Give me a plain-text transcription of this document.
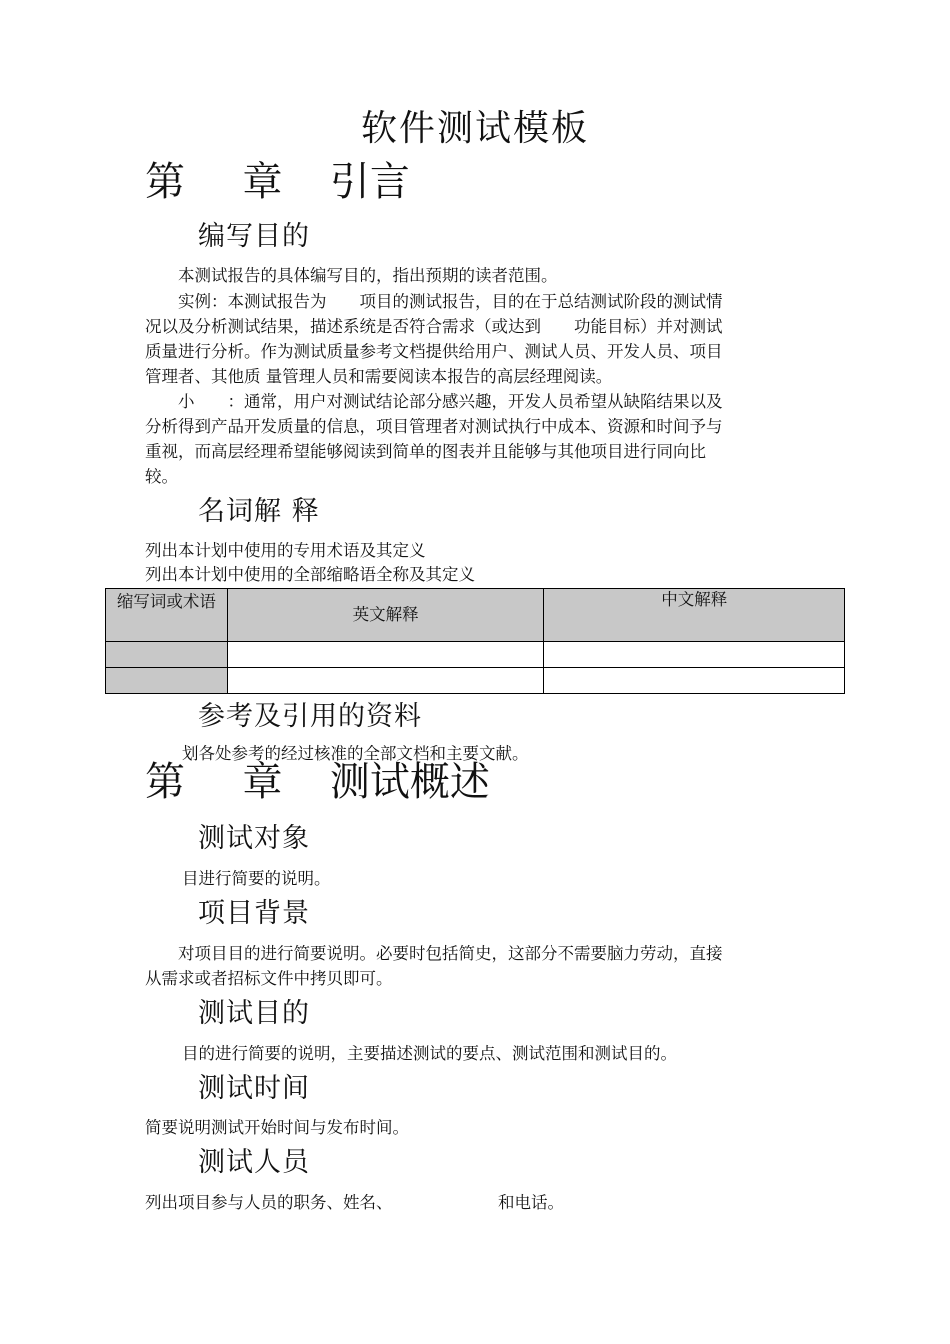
软件测试模板
第 章 引言
编写目的
本测试报告的具体编写目的，指出预期的读者范围。
实例：本测试报告为　　项目的测试报告，目的在于总结测试阶段的测试情
况以及分析测试结果，描述系统是否符合需求（或达到　　功能目标）并对测试
质量进行分析。作为测试质量参考文档提供给用户、测试人员、开发人员、项目
管理者、其他质 量管理人员和需要阅读本报告的高层经理阅读。
小　　：通常，用户对测试结论部分感兴趣，开发人员希望从缺陷结果以及
分析得到产品开发质量的信息，项目管理者对测试执行中成本、资源和时间予与
重视，而高层经理希望能够阅读到简单的图表并且能够与其他项目进行同向比
较。
名词解 释
列出本计划中使用的专用术语及其定义
列出本计划中使用的全部缩略语全称及其定义
缩写词或术语	英文解释	中文解释

参考及引用的资料
划各处参考的经过核准的全部文档和主要文献。
第 章 测试概述
测试对象
目进行简要的说明。
项目背景
对项目目的进行简要说明。必要时包括简史，这部分不需要脑力劳动，直接
从需求或者招标文件中拷贝即可。
测试目的
目的进行简要的说明，主要描述测试的要点、测试范围和测试目的。
测试时间
简要说明测试开始时间与发布时间。
测试人员
列出项目参与人员的职务、姓名、	和电话。
